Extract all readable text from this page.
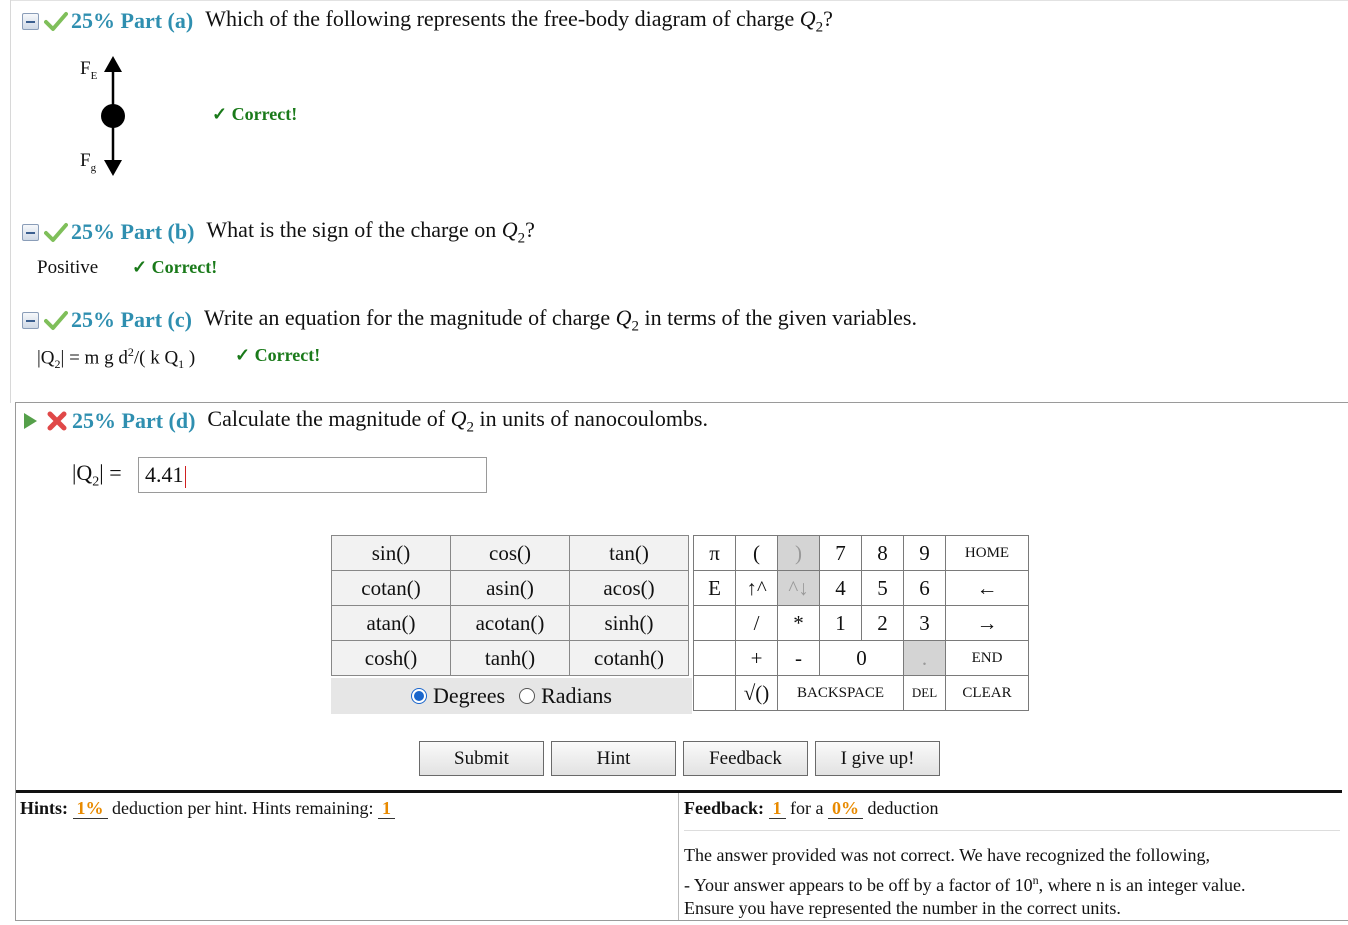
25% Part (a) Which of the following represents the free-body diagram of charge $Q_2$?
$F_E$
$F_g$
✓ Correct!
25% Part (b) What is the sign of the charge on $Q_2$?
Positive ✓ Correct!
25% Part (c) Write an equation for the magnitude of charge $Q_2$ in terms of the given variables.
$|Q_2| = m$ g $d^2/$( k $Q_1$ ) ✓ Correct!
25% Part (d) Calculate the magnitude of $Q_2$ in units of nanocoulombs.
$|Q_2|$ =	4.41
sin()	cos()	tan()
cotan()	asin()	acos()
atan()	acotan()	sinh()
cosh()	tanh()	cotanh()
Degrees Radians
π	(	)	7	8	9	HOME
E	↑^	^↓	4	5	6	←
	/	*	1	2	3	→
	+	-	0		.	END
	√()	BACKSPACE			DEL	CLEAR
Submit	Hint	Feedback	I give up!
Hints: 1% deduction per hint. Hints remaining: 1	Feedback: 1 for a 0% deduction
The answer provided was not correct. We have recognized the following,
- Your answer appears to be off by a factor of 10$^n$, where n is an integer value.
Ensure you have represented the number in the correct units.
